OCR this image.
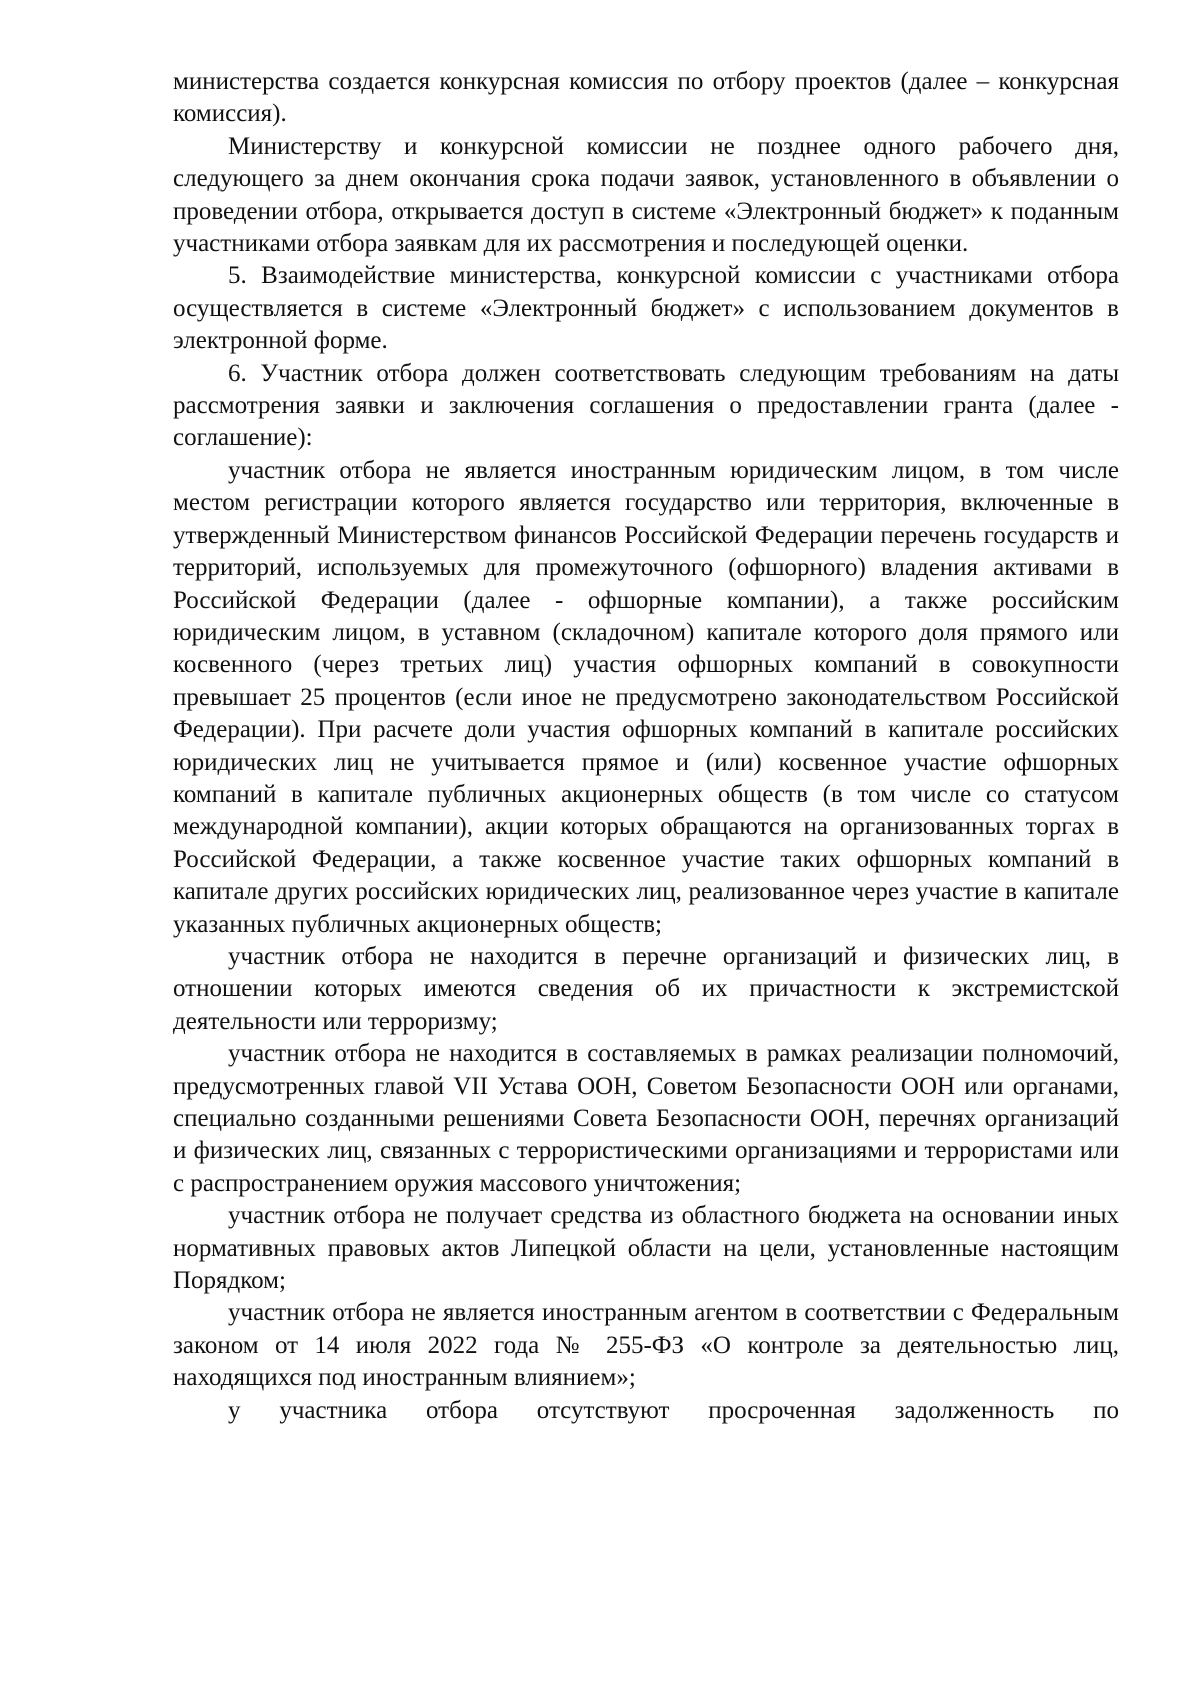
министерства создается конкурсная комиссия по отбору проектов (далее – конкурсная комиссия).

Министерству и конкурсной комиссии не позднее одного рабочего дня, следующего за днем окончания срока подачи заявок, установленного в объявлении о проведении отбора, открывается доступ в системе «Электронный бюджет» к поданным участниками отбора заявкам для их рассмотрения и последующей оценки.

5. Взаимодействие министерства, конкурсной комиссии с участниками отбора осуществляется в системе «Электронный бюджет» с использованием документов в электронной форме.

6. Участник отбора должен соответствовать следующим требованиям на даты рассмотрения заявки и заключения соглашения о предоставлении гранта (далее - соглашение):

участник отбора не является иностранным юридическим лицом, в том числе местом регистрации которого является государство или территория, включенные в утвержденный Министерством финансов Российской Федерации перечень государств и территорий, используемых для промежуточного (офшорного) владения активами в Российской Федерации (далее - офшорные компании), а также российским юридическим лицом, в уставном (складочном) капитале которого доля прямого или косвенного (через третьих лиц) участия офшорных компаний в совокупности превышает 25 процентов (если иное не предусмотрено законодательством Российской Федерации). При расчете доли участия офшорных компаний в капитале российских юридических лиц не учитывается прямое и (или) косвенное участие офшорных компаний в капитале публичных акционерных обществ (в том числе со статусом международной компании), акции которых обращаются на организованных торгах в Российской Федерации, а также косвенное участие таких офшорных компаний в капитале других российских юридических лиц, реализованное через участие в капитале указанных публичных акционерных обществ;

участник отбора не находится в перечне организаций и физических лиц, в отношении которых имеются сведения об их причастности к экстремистской деятельности или терроризму;

участник отбора не находится в составляемых в рамках реализации полномочий, предусмотренных главой VII Устава ООН, Советом Безопасности ООН или органами, специально созданными решениями Совета Безопасности ООН, перечнях организаций и физических лиц, связанных с террористическими организациями и террористами или с распространением оружия массового уничтожения;

участник отбора не получает средства из областного бюджета на основании иных нормативных правовых актов Липецкой области на цели, установленные настоящим Порядком;

участник отбора не является иностранным агентом в соответствии с Федеральным законом от 14 июля 2022 года № 255-ФЗ «О контроле за деятельностью лиц, находящихся под иностранным влиянием»;

у участника отбора отсутствуют просроченная задолженность по
